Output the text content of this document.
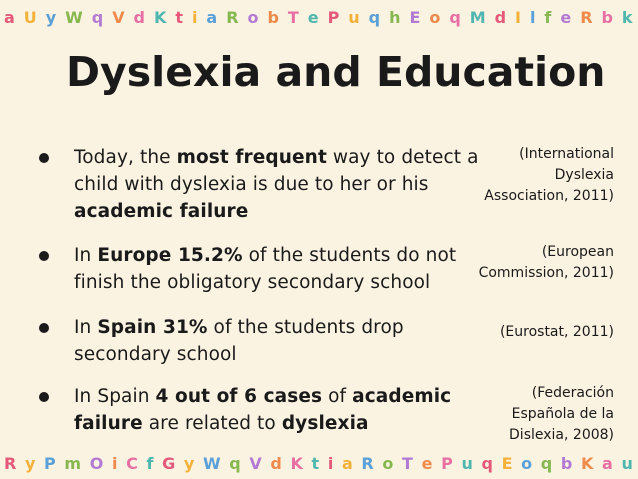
a U y W q V d K t i a R o b T e P u q h E o q M d I l f e R b k
Dyslexia and Education
Today, the most frequent way to detect a child with dyslexia is due to her or his academic failure
(International
Dyslexia
Association, 2011)
In Europe 15.2% of the students do not finish the obligatory secondary school
(European
Commission, 2011)
In Spain 31% of the students drop secondary school
(Eurostat, 2011)
In Spain 4 out of 6 cases of academic failure are related to dyslexia
(Federación
Española de la
Dislexia, 2008)
R y P m O i C f G y W q V d K t i a R o T e P u q E o q b K a u
